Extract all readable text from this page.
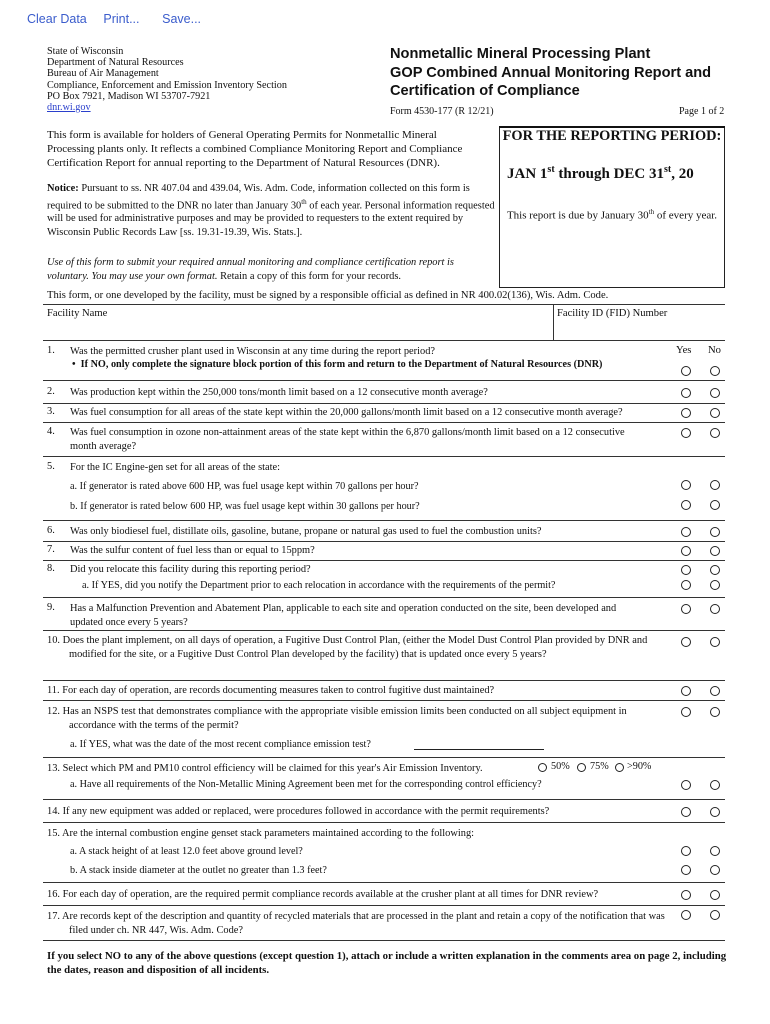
Clear Data Print... Save...
State of Wisconsin
Department of Natural Resources
Bureau of Air Management
Compliance, Enforcement and Emission Inventory Section
PO Box 7921, Madison WI 53707-7921
dnr.wi.gov
Nonmetallic Mineral Processing Plant
GOP Combined Annual Monitoring Report and
Certification of Compliance
Form 4530-177 (R 12/21)	Page 1 of 2
This form is available for holders of General Operating Permits for Nonmetallic Mineral Processing plants only. It reflects a combined Compliance Monitoring Report and Compliance Certification Report for annual reporting to the Department of Natural Resources (DNR).
Notice: Pursuant to ss. NR 407.04 and 439.04, Wis. Adm. Code, information collected on this form is required to be submitted to the DNR no later than January 30th of each year. Personal information requested will be used for administrative purposes and may be provided to requesters to the extent required by Wisconsin Public Records Law [ss. 19.31-19.39, Wis. Stats.].
Use of this form to submit your required annual monitoring and compliance certification report is voluntary. You may use your own format. Retain a copy of this form for your records.
FOR THE REPORTING PERIOD:
JAN 1st through DEC 31st, 20
This report is due by January 30th of every year.
This form, or one developed by the facility, must be signed by a responsible official as defined in NR 400.02(136), Wis. Adm. Code.
Facility Name	Facility ID (FID) Number
1. Was the permitted crusher plant used in Wisconsin at any time during the report period?	Yes No
•  If NO, only complete the signature block portion of this form and return to the Department of Natural Resources (DNR)
2. Was production kept within the 250,000 tons/month limit based on a 12 consecutive month average?
3. Was fuel consumption for all areas of the state kept within the 20,000 gallons/month limit based on a 12 consecutive month average?
4. Was fuel consumption in ozone non-attainment areas of the state kept within the 6,870 gallons/month limit based on a 12 consecutive month average?
5. For the IC Engine-gen set for all areas of the state:
a. If generator is rated above 600 HP, was fuel usage kept within 70 gallons per hour?
b. If generator is rated below 600 HP, was fuel usage kept within 30 gallons per hour?
6. Was only biodiesel fuel, distillate oils, gasoline, butane, propane or natural gas used to fuel the combustion units?
7. Was the sulfur content of fuel less than or equal to 15ppm?
8. Did you relocate this facility during this reporting period?
a. If YES, did you notify the Department prior to each relocation in accordance with the requirements of the permit?
9. Has a Malfunction Prevention and Abatement Plan, applicable to each site and operation conducted on the site, been developed and updated once every 5 years?
10. Does the plant implement, on all days of operation, a Fugitive Dust Control Plan, (either the Model Dust Control Plan provided by DNR and modified for the site, or a Fugitive Dust Control Plan developed by the facility) that is updated once every 5 years?
11. For each day of operation, are records documenting measures taken to control fugitive dust maintained?
12. Has an NSPS test that demonstrates compliance with the appropriate visible emission limits been conducted on all subject equipment in accordance with the terms of the permit?
a. If YES, what was the date of the most recent compliance emission test?
13. Select which PM and PM10 control efficiency will be claimed for this year's Air Emission Inventory.	50% 75% >90%
a. Have all requirements of the Non-Metallic Mining Agreement been met for the corresponding control efficiency?
14. If any new equipment was added or replaced, were procedures followed in accordance with the permit requirements?
15. Are the internal combustion engine genset stack parameters maintained according to the following:
a. A stack height of at least 12.0 feet above ground level?
b. A stack inside diameter at the outlet no greater than 1.3 feet?
16. For each day of operation, are the required permit compliance records available at the crusher plant at all times for DNR review?
17. Are records kept of the description and quantity of recycled materials that are processed in the plant and retain a copy of the notification that was filed under ch. NR 447, Wis. Adm. Code?
If you select NO to any of the above questions (except question 1), attach or include a written explanation in the comments area on page 2, including the dates, reason and disposition of all incidents.
